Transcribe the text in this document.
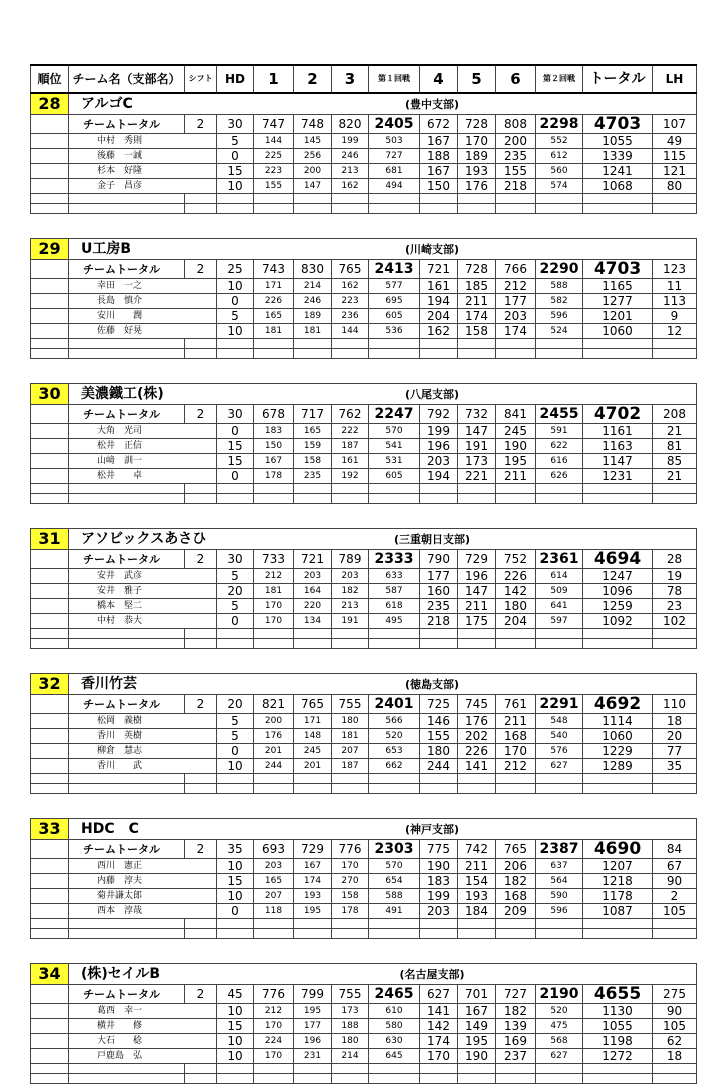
順位	チーム名（支部名）	シフト	HD	1	2	3	第１回戦	4	5	6	第２回戦	トータル	LH
28	アルゴC						(豊中支部)						
	チームトータル	2	30	747	748	820	2405	672	728	808	2298	4703	107
	中村　秀則		5	144	145	199	503	167	170	200	552	1055	49
	後藤　一誠		0	225	256	246	727	188	189	235	612	1339	115
	杉本　好隆		15	223	200	213	681	167	193	155	560	1241	121
	金子　昌彦		10	155	147	162	494	150	176	218	574	1068	80

29	U工房B						(川崎支部)						
	チームトータル	2	25	743	830	765	2413	721	728	766	2290	4703	123
	幸田　一之		10	171	214	162	577	161	185	212	588	1165	11
	長島　慎介		0	226	246	223	695	194	211	177	582	1277	113
	安川　　潤		5	165	189	236	605	204	174	203	596	1201	9
	佐藤　好晃		10	181	181	144	536	162	158	174	524	1060	12

30	美濃鐵工(株)						(八尾支部)						
	チームトータル	2	30	678	717	762	2247	792	732	841	2455	4702	208
	大角　光司		0	183	165	222	570	199	147	245	591	1161	21
	松井　正信		15	150	159	187	541	196	191	190	622	1163	81
	山﨑　訓一		15	167	158	161	531	203	173	195	616	1147	85
	松井　　卓		0	178	235	192	605	194	221	211	626	1231	21

31	アソビックスあさひ						(三重朝日支部)						
	チームトータル	2	30	733	721	789	2333	790	729	752	2361	4694	28
	安井　武彦		5	212	203	203	633	177	196	226	614	1247	19
	安井　雅子		20	181	164	182	587	160	147	142	509	1096	78
	橋本　堅二		5	170	220	213	618	235	211	180	641	1259	23
	中村　恭大		0	170	134	191	495	218	175	204	597	1092	102

32	香川竹芸						(徳島支部)						
	チームトータル	2	20	821	765	755	2401	725	745	761	2291	4692	110
	松岡　義樹		5	200	171	180	566	146	176	211	548	1114	18
	香川　英樹		5	176	148	181	520	155	202	168	540	1060	20
	柳倉　慧志		0	201	245	207	653	180	226	170	576	1229	77
	香川　　武		10	244	201	187	662	244	141	212	627	1289	35

33	HDC　C						(神戸支部)						
	チームトータル	2	35	693	729	776	2303	775	742	765	2387	4690	84
	西川　憲正		10	203	167	170	570	190	211	206	637	1207	67
	内藤　淳夫		15	165	174	270	654	183	154	182	564	1218	90
	菊井謙太郎		10	207	193	158	588	199	193	168	590	1178	2
	西本　淳哉		0	118	195	178	491	203	184	209	596	1087	105

34	(株)セイルB						(名古屋支部)						
	チームトータル	2	45	776	799	755	2465	627	701	727	2190	4655	275
	葛西　幸一		10	212	195	173	610	141	167	182	520	1130	90
	横井　　修		15	170	177	188	580	142	149	139	475	1055	105
	大石　　稔		10	224	196	180	630	174	195	169	568	1198	62
	戸鹿島　弘		10	170	231	214	645	170	190	237	627	1272	18
